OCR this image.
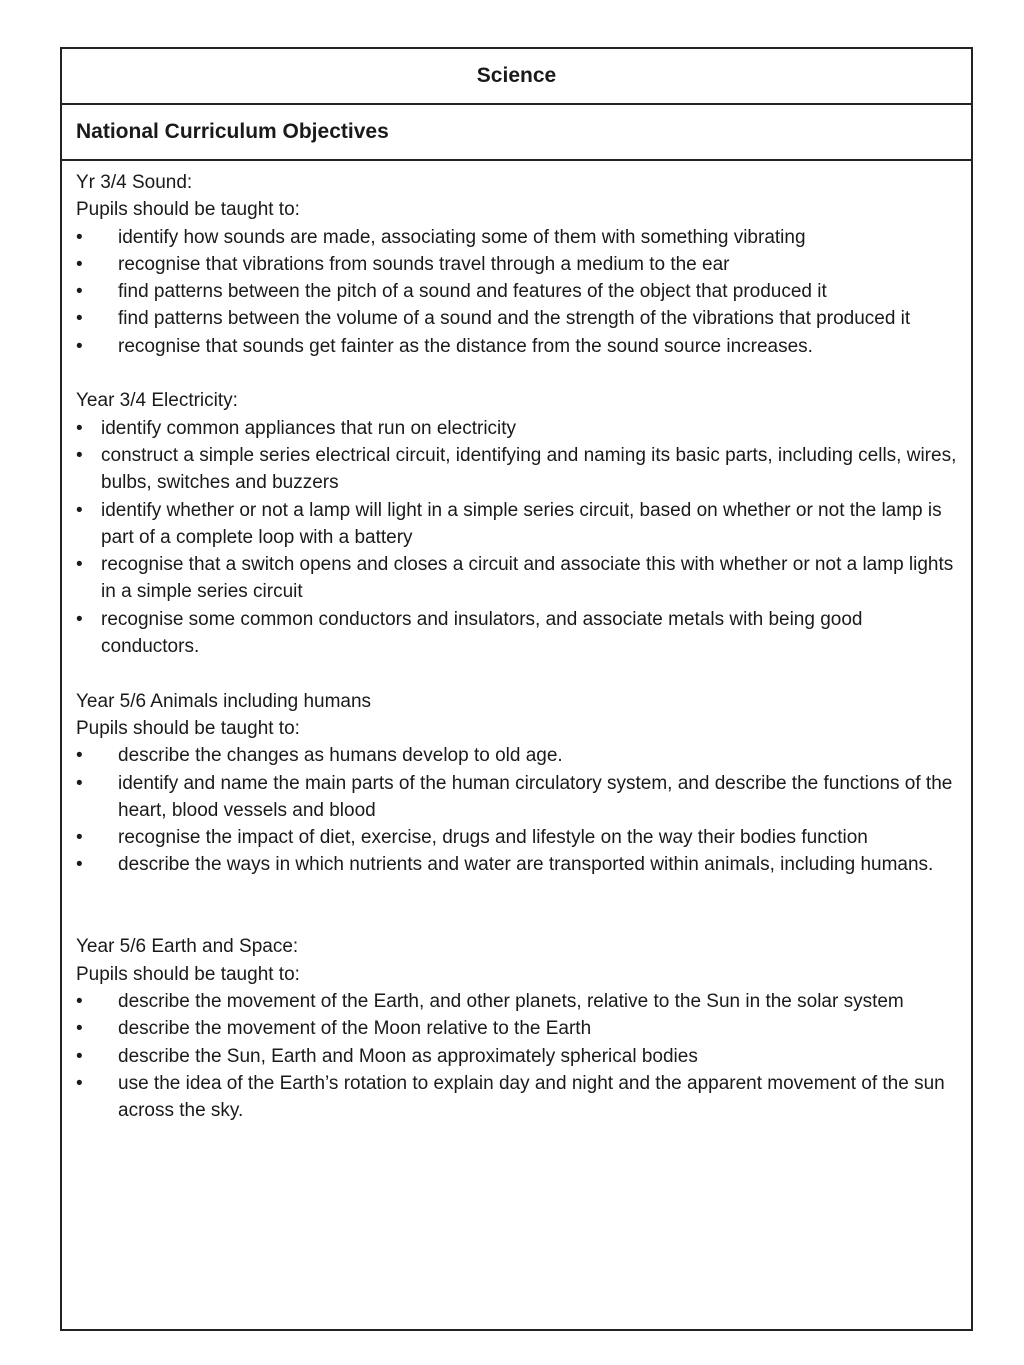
Science
National Curriculum Objectives

Yr 3/4 Sound:

Pupils should be taught to:

• identify how sounds are made, associating some of them with something vibrating
• recognise that vibrations from sounds travel through a medium to the ear
• find patterns between the pitch of a sound and features of the object that produced it
• find patterns between the volume of a sound and the strength of the vibrations that produced it
• recognise that sounds get fainter as the distance from the sound source increases.

Year 3/4 Electricity:

• identify common appliances that run on electricity
• construct a simple series electrical circuit, identifying and naming its basic parts, including cells, wires, bulbs, switches and buzzers
• identify whether or not a lamp will light in a simple series circuit, based on whether or not the lamp is part of a complete loop with a battery
• recognise that a switch opens and closes a circuit and associate this with whether or not a lamp lights in a simple series circuit
• recognise some common conductors and insulators, and associate metals with being good conductors.

Year 5/6 Animals including humans

Pupils should be taught to:

• describe the changes as humans develop to old age.
• identify and name the main parts of the human circulatory system, and describe the functions of the heart, blood vessels and blood
• recognise the impact of diet, exercise, drugs and lifestyle on the way their bodies function
• describe the ways in which nutrients and water are transported within animals, including humans.

Year 5/6 Earth and Space:

Pupils should be taught to:

• describe the movement of the Earth, and other planets, relative to the Sun in the solar system
• describe the movement of the Moon relative to the Earth
• describe the Sun, Earth and Moon as approximately spherical bodies
• use the idea of the Earth’s rotation to explain day and night and the apparent movement of the sun across the sky.
